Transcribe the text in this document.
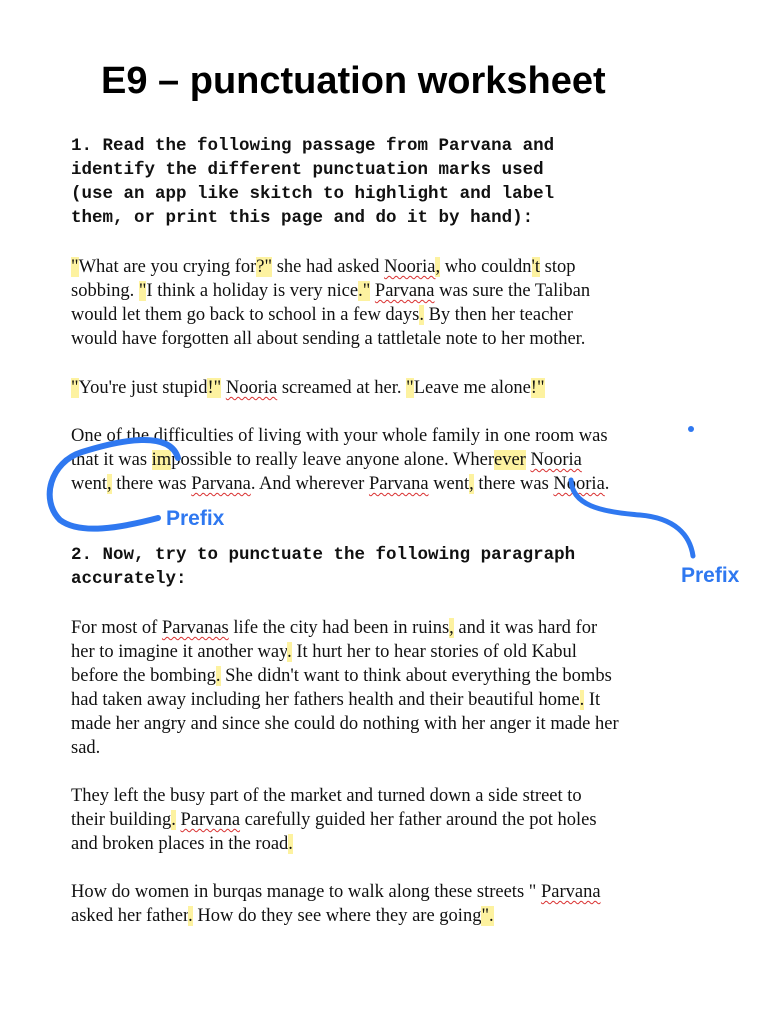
E9 – punctuation worksheet
1. Read the following passage from Parvana and
identify the different punctuation marks used
(use an app like skitch to highlight and label
them, or print this page and do it by hand):
"What are you crying for?" she had asked Nooria, who couldn't stop
sobbing. "I think a holiday is very nice." Parvana was sure the Taliban
would let them go back to school in a few days. By then her teacher
would have forgotten all about sending a tattletale note to her mother.
"You're just stupid!" Nooria screamed at her. "Leave me alone!"
One of the difficulties of living with your whole family in one room was
that it was impossible to really leave anyone alone. Wherever Nooria
went, there was Parvana. And wherever Parvana went, there was Nooria.
Prefix
Prefix
2. Now, try to punctuate the following paragraph
accurately:
For most of Parvanas life the city had been in ruins, and it was hard for
her to imagine it another way. It hurt her to hear stories of old Kabul
before the bombing. She didn't want to think about everything the bombs
had taken away including her fathers health and their beautiful home. It
made her angry and since she could do nothing with her anger it made her
sad.
They left the busy part of the market and turned down a side street to
their building. Parvana carefully guided her father around the pot holes
and broken places in the road.
How do women in burqas manage to walk along these streets " Parvana
asked her father. How do they see where they are going".
